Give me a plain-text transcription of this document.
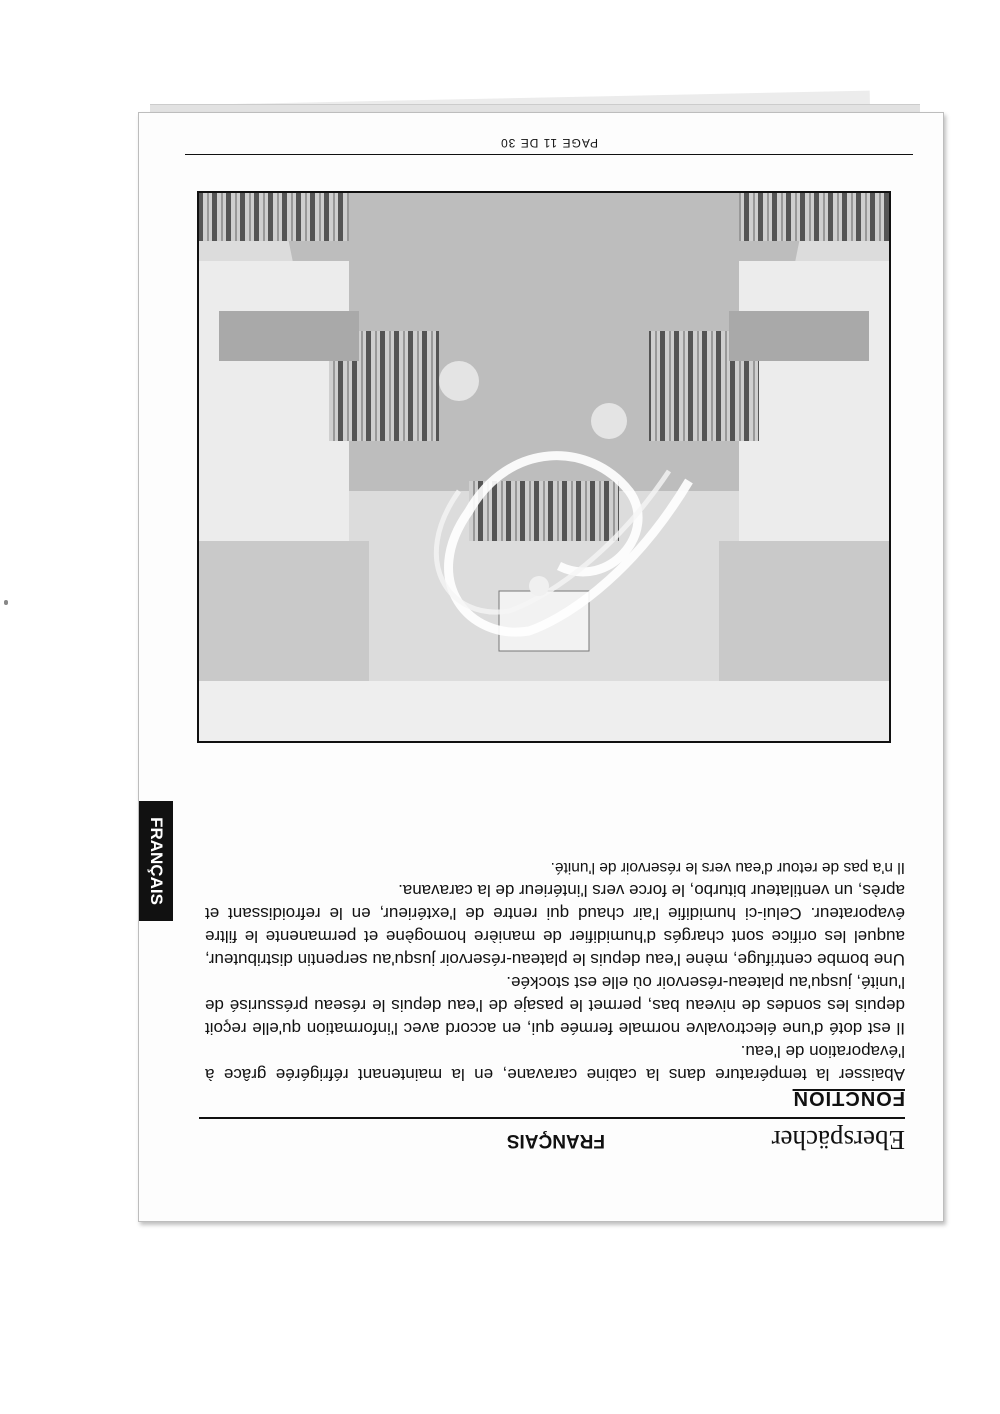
Eberspächer
FRANÇAIS
FONCTION

Abaisser la température dans la cabine caravane, en la maintenant réfrigérée grâce à l'évaporation de l'eau.

Il est doté d'une électrovalve normale fermée qui, en accord avec l'information qu'elle reçoit depuis les sondes de niveau bas, permet le pasaje de l'eau depuis le réseau préssurisé de l'unité, jusqu'au plateau-réservoir où elle est stockée.

Une bombe centrifuge, mène l'eau depuis le plateau-réservoir jusqu'au serpentin distributeur, auquel les orifice sont chargés d'humidifier de manière homogène et permanente le filtre évaporateur. Celui-ci humidifie l'air chaud qui rentre de l'extérieur, en le refroidissant et après, un ventilateur biturbo, le force vers l'intérieur de la caravana.

Il n'a pas de retour d'eau vers le réservoir de l'unité.

FRANÇAIS
PAGE 11 DE 30
